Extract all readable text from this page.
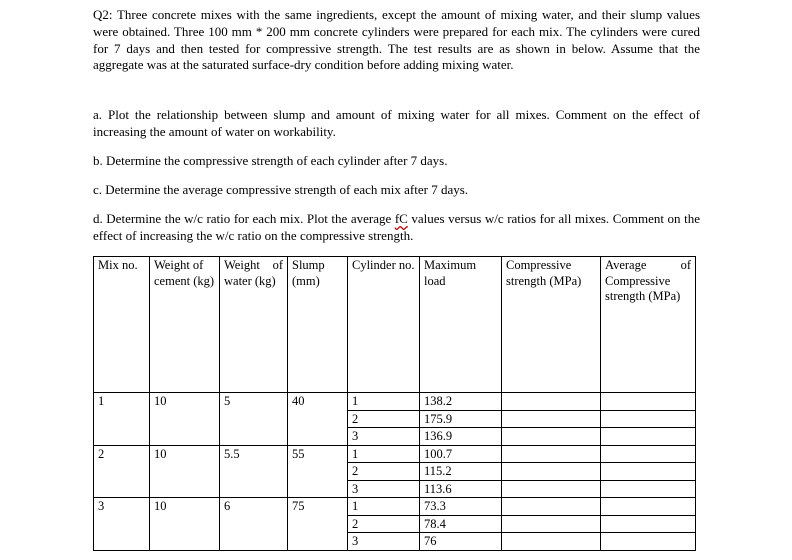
Q2: Three concrete mixes with the same ingredients, except the amount of mixing water, and their slump values were obtained. Three 100 mm * 200 mm concrete cylinders were prepared for each mix. The cylinders were cured for 7 days and then tested for compressive strength. The test results are as shown in below. Assume that the aggregate was at the saturated surface-dry condition before adding mixing water.
a. Plot the relationship between slump and amount of mixing water for all mixes. Comment on the effect of increasing the amount of water on workability.
b. Determine the compressive strength of each cylinder after 7 days.
c. Determine the average compressive strength of each mix after 7 days.
d. Determine the w/c ratio for each mix. Plot the average fC values versus w/c ratios for all mixes. Comment on the effect of increasing the w/c ratio on the compressive strength.
Mix no.	Weight of cement (kg)	Weight of water (kg)	Slump (mm)	Cylinder no.	Maximum load	Compressive strength (MPa)	Average of Compressive strength (MPa)
1	10	5	40	1	138.2		
				2	175.9		
				3	136.9		
2	10	5.5	55	1	100.7		
				2	115.2		
				3	113.6		
3	10	6	75	1	73.3		
				2	78.4		
				3	76		
